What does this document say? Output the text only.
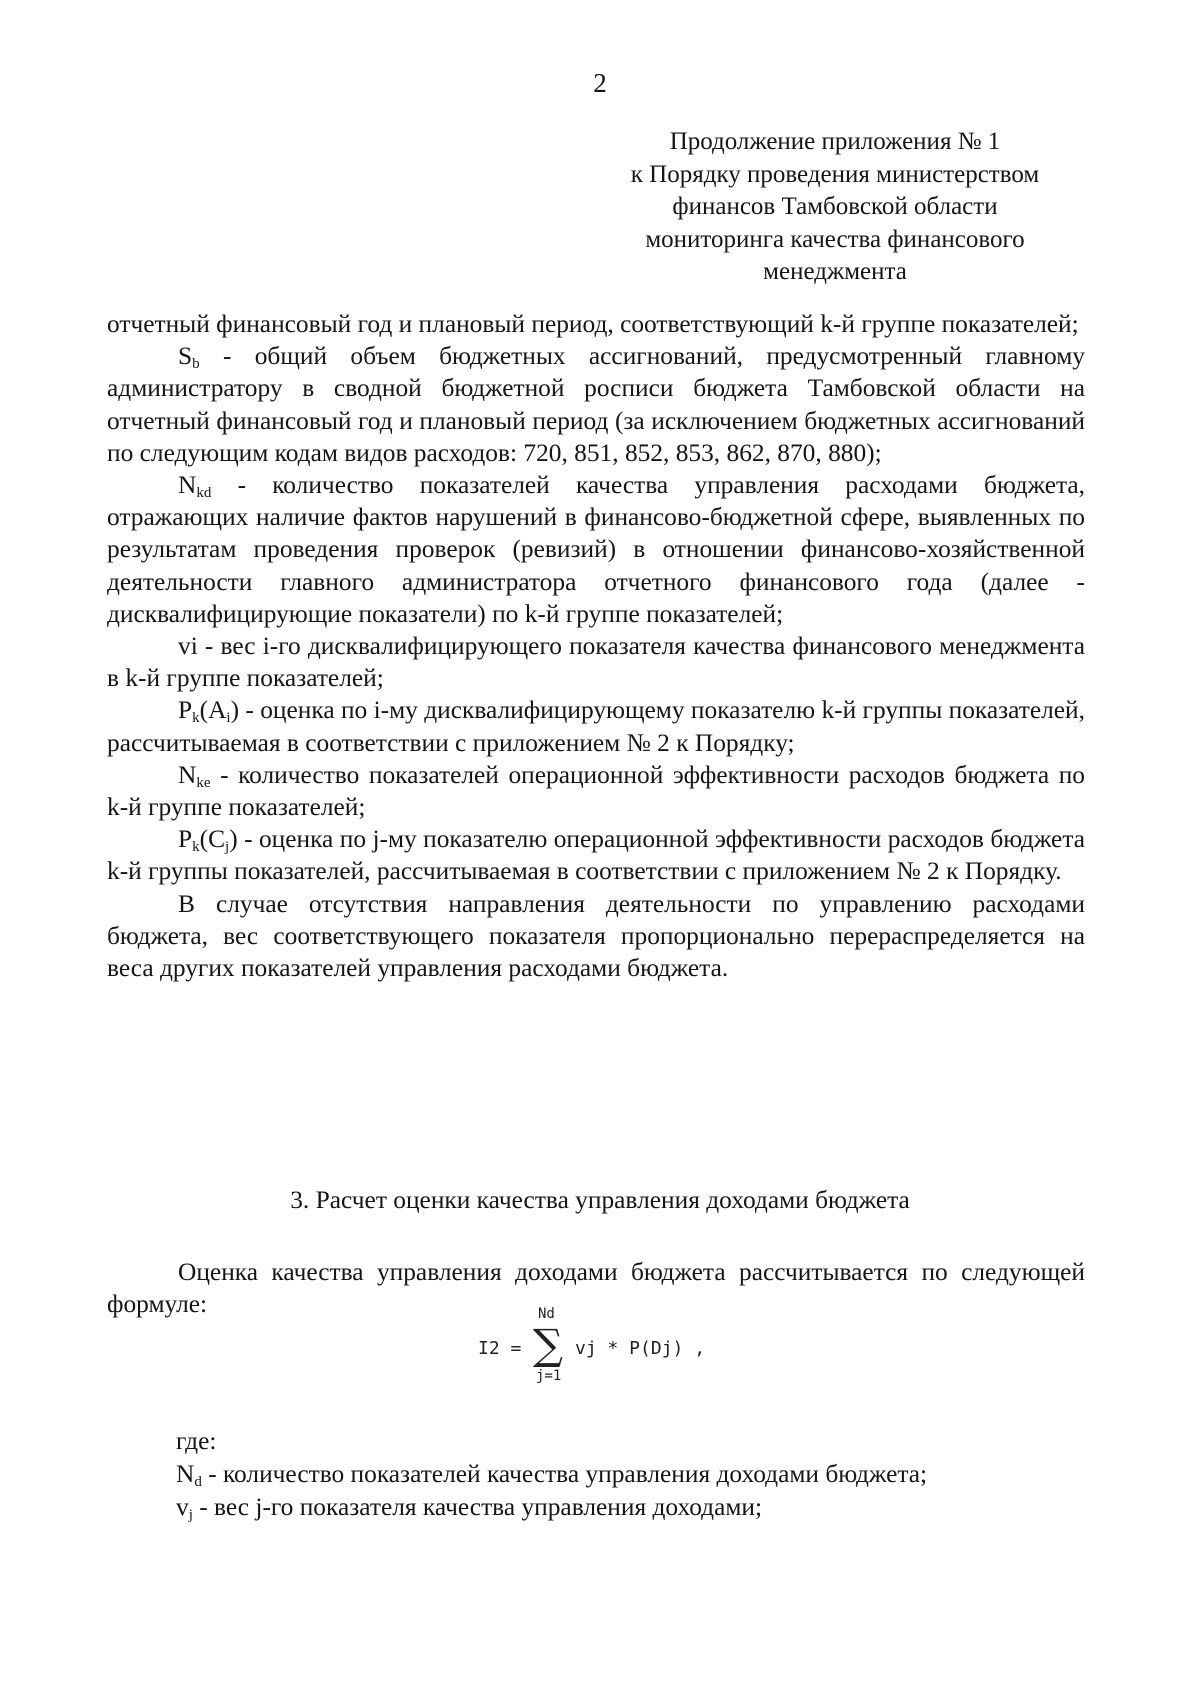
2
Продолжение приложения № 1
к Порядку проведения министерством
финансов Тамбовской области
мониторинга качества финансового
менеджмента

отчетный финансовый год и плановый период, соответствующий k-й группе показателей;

$S_b$ - общий объем бюджетных ассигнований, предусмотренный главному администратору в сводной бюджетной росписи бюджета Тамбовской области на отчетный финансовый год и плановый период (за исключением бюджетных ассигнований по следующим кодам видов расходов: 720, 851, 852, 853, 862, 870, 880);

$N_{kd}$ - количество показателей качества управления расходами бюджета, отражающих наличие фактов нарушений в финансово-бюджетной сфере, выявленных по результатам проведения проверок (ревизий) в отношении финансово-хозяйственной деятельности главного администратора отчетного финансового года (далее - дисквалифицирующие показатели) по k-й группе показателей;

vi - вес i-го дисквалифицирующего показателя качества финансового менеджмента в k-й группе показателей;

$P_k(A_i)$ - оценка по i-му дисквалифицирующему показателю k-й группы показателей, рассчитываемая в соответствии с приложением № 2 к Порядку;

$N_{ke}$ - количество показателей операционной эффективности расходов бюджета по k-й группе показателей;

$P_k(C_j)$ - оценка по j-му показателю операционной эффективности расходов бюджета k-й группы показателей, рассчитываемая в соответствии с приложением № 2 к Порядку.

В случае отсутствия направления деятельности по управлению расходами бюджета, вес соответствующего показателя пропорционально перераспределяется на веса других показателей управления расходами бюджета.

3. Расчет оценки качества управления доходами бюджета

Оценка качества управления доходами бюджета рассчитывается по следующей формуле:

I2 =
Nd
∑
j=1
vj * P(Dj) ,

где:

$N_d$ - количество показателей качества управления доходами бюджета;

$v_j$ - вес j-го показателя качества управления доходами;
